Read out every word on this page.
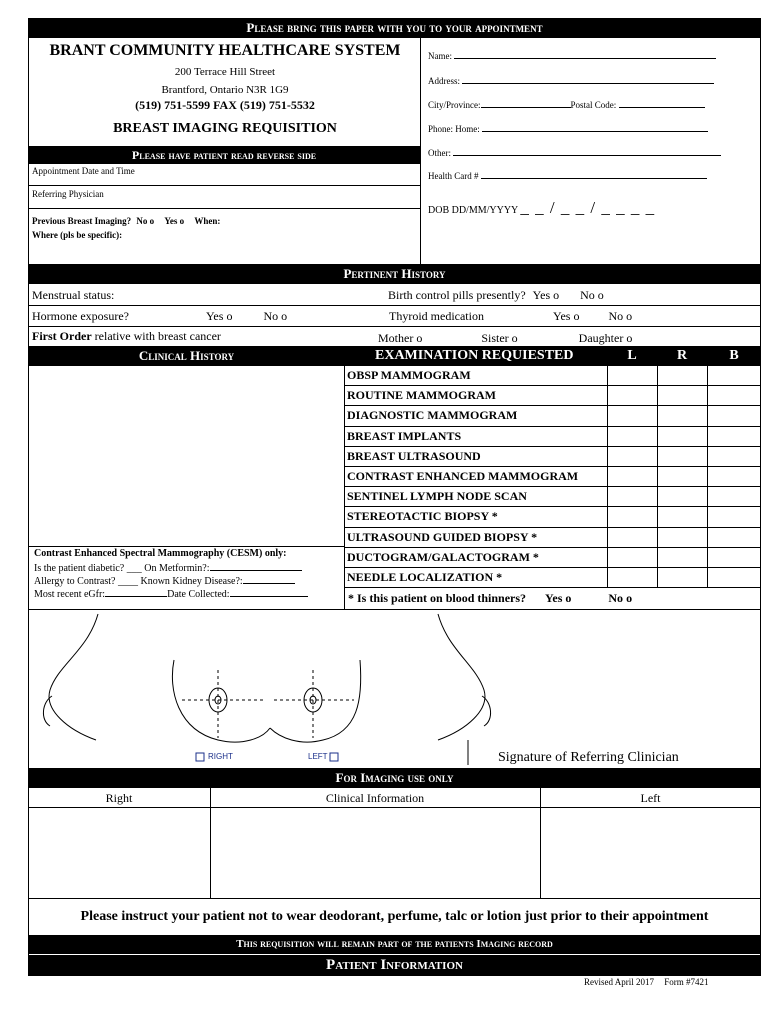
Please bring this paper with you to your appointment
BRANT COMMUNITY HEALTHCARE SYSTEM
200 Terrace Hill Street
Brantford, Ontario N3R 1G9
(519) 751-5599 FAX (519) 751-5532
BREAST IMAGING REQUISITION
Please have patient read reverse side
Name:
Address:
City/Province:	Postal Code:
Phone: Home:
Other:
Health Card #
DOB DD/MM/YYYY _ _ / _ _ / _ _ _ _
Appointment Date and Time
Referring Physician
Previous Breast Imaging? No o Yes o When:
Where (pls be specific):
Pertinent History
Menstrual status:	Birth control pills presently? Yes o No o
Hormone exposure?	Yes o	No o	Thyroid medication	Yes o No o
First Order relative with breast cancer	Mother o	Sister o	Daughter o
Clinical History	EXAMINATION REQUIESTED	L	R	B
OBSP MAMMOGRAM
ROUTINE MAMMOGRAM
DIAGNOSTIC MAMMOGRAM
BREAST IMPLANTS
BREAST ULTRASOUND
CONTRAST ENHANCED MAMMOGRAM
SENTINEL LYMPH NODE SCAN
STEREOTACTIC BIOPSY *
ULTRASOUND GUIDED BIOPSY *
DUCTOGRAM/GALACTOGRAM *
NEEDLE LOCALIZATION *
Contrast Enhanced Spectral Mammography (CESM) only:
Is the patient diabetic? ___ On Metformin?:
Allergy to Contrast? ____ Known Kidney Disease?:
Most recent eGfr:	Date Collected:	* Is this patient on blood thinners? Yes o	No o
RIGHT	LEFT	Signature of Referring Clinician
For Imaging use only
Right	Clinical Information	Left
Please instruct your patient not to wear deodorant, perfume, talc or lotion just prior to their appointment
This requisition will remain part of the patients Imaging record
Patient Information
Revised April 2017 Form #7421
